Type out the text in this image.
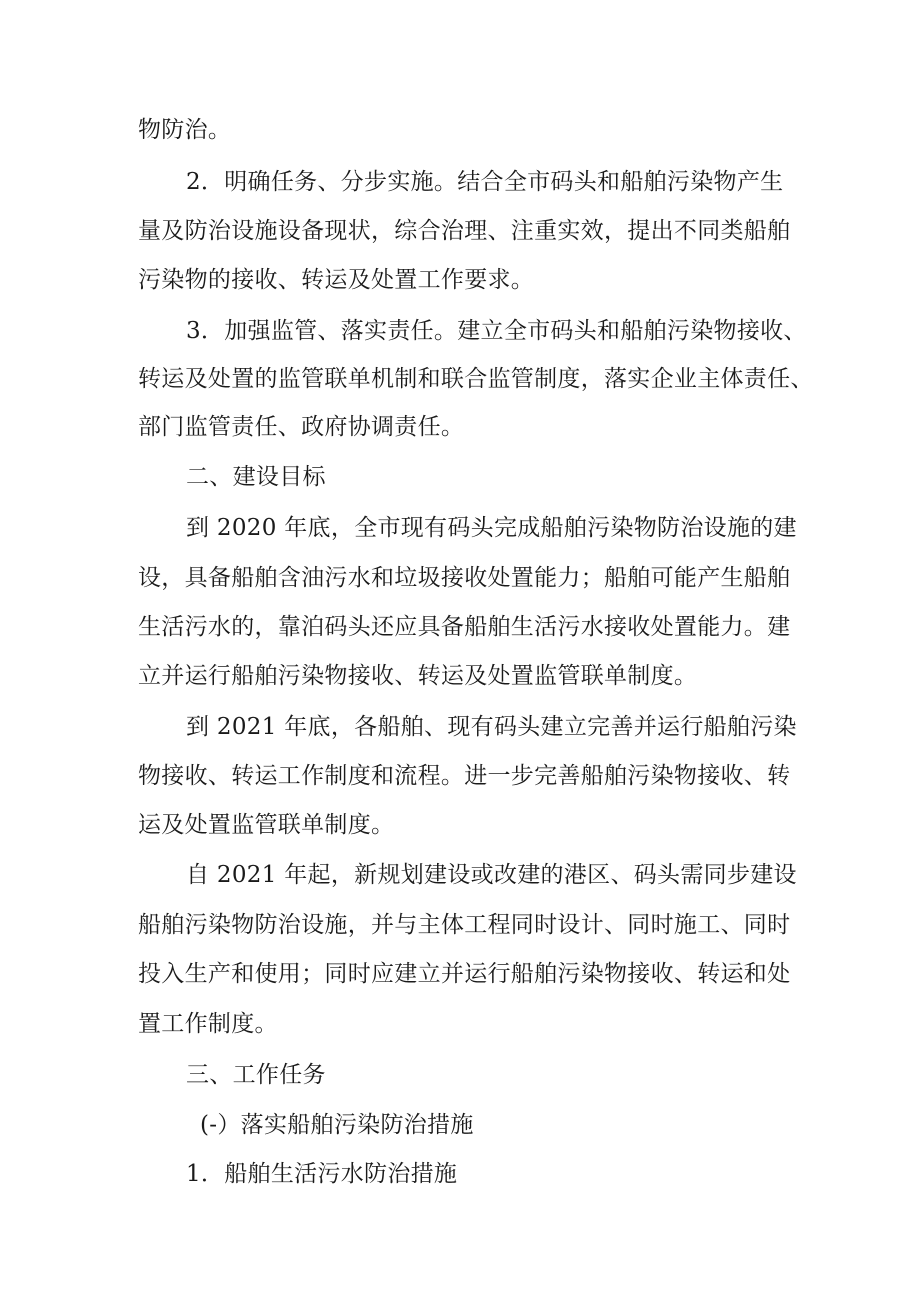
物防治。
2．明确任务、分步实施。结合全市码头和船舶污染物产生
量及防治设施设备现状，综合治理、注重实效，提出不同类船舶
污染物的接收、转运及处置工作要求。
3．加强监管、落实责任。建立全市码头和船舶污染物接收、
转运及处置的监管联单机制和联合监管制度，落实企业主体责任、
部门监管责任、政府协调责任。
二、建设目标
到 2020 年底，全市现有码头完成船舶污染物防治设施的建
设，具备船舶含油污水和垃圾接收处置能力；船舶可能产生船舶
生活污水的，靠泊码头还应具备船舶生活污水接收处置能力。建
立并运行船舶污染物接收、转运及处置监管联单制度。
到 2021 年底，各船舶、现有码头建立完善并运行船舶污染
物接收、转运工作制度和流程。进一步完善船舶污染物接收、转
运及处置监管联单制度。
自 2021 年起，新规划建设或改建的港区、码头需同步建设
船舶污染物防治设施，并与主体工程同时设计、同时施工、同时
投入生产和使用；同时应建立并运行船舶污染物接收、转运和处
置工作制度。
三、工作任务
(-）落实船舶污染防治措施
1．船舶生活污水防治措施
